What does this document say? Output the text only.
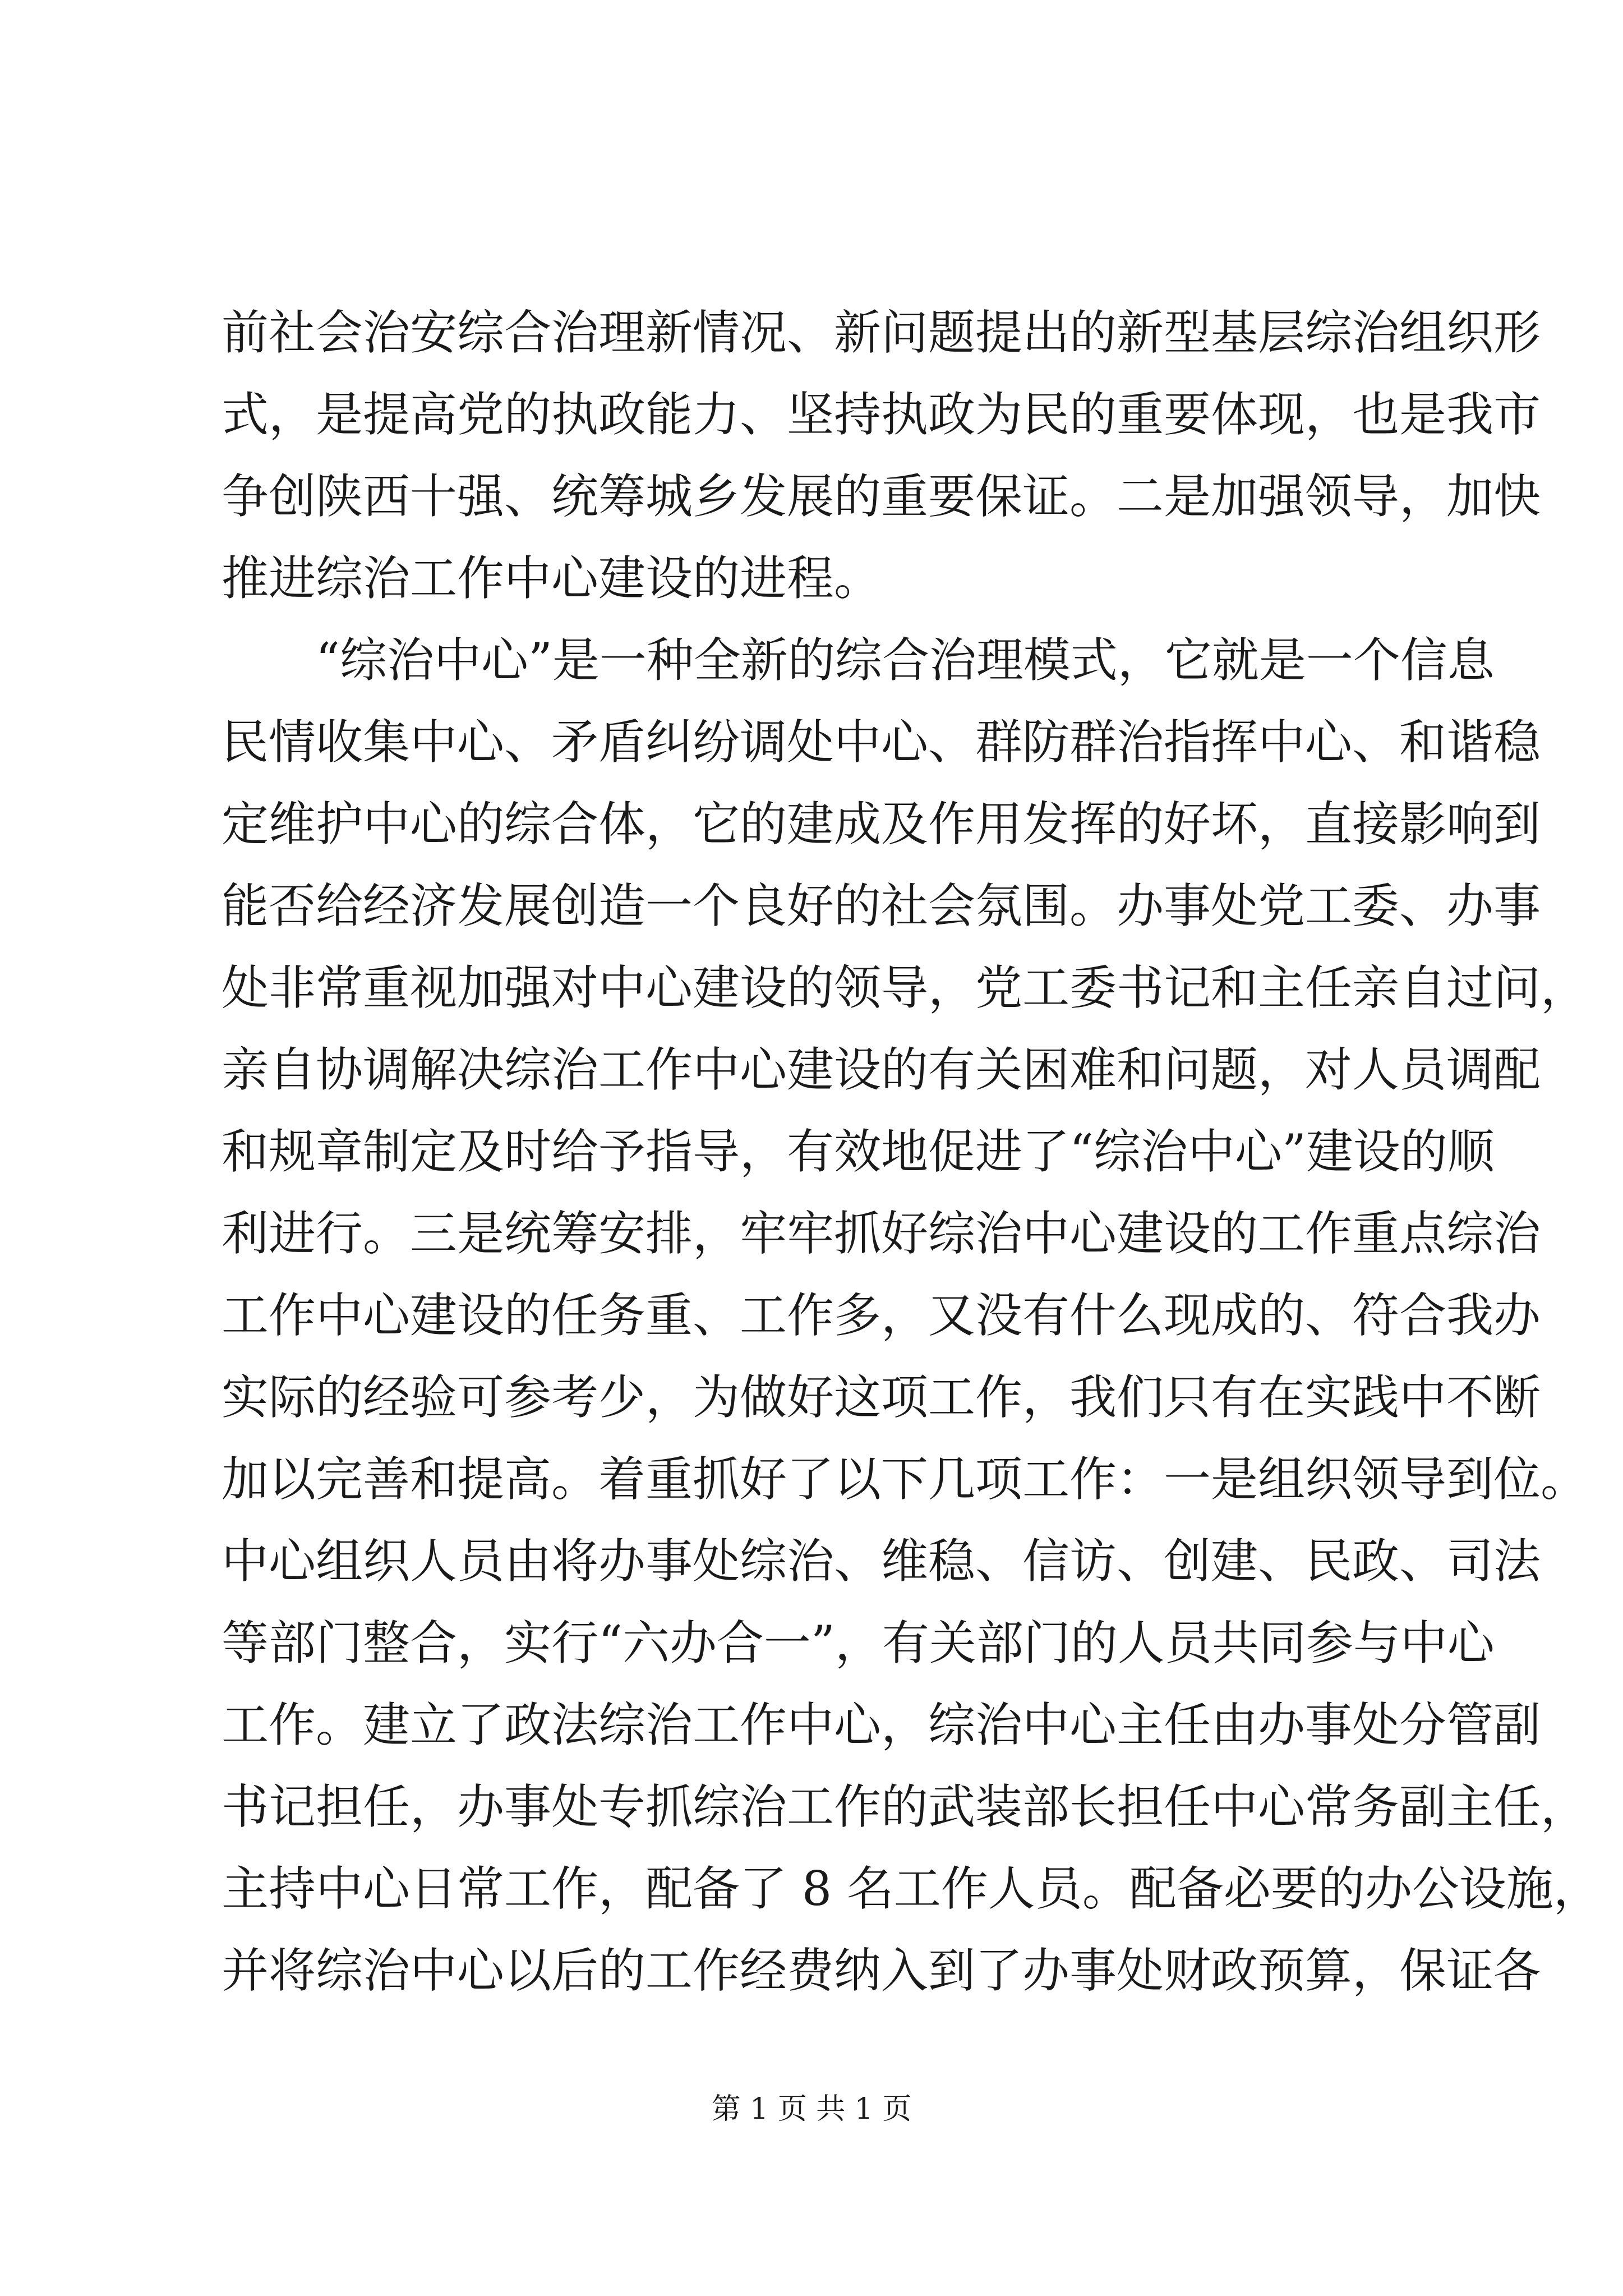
前社会治安综合治理新情况、新问题提出的新型基层综治组织形
式，是提高党的执政能力、坚持执政为民的重要体现，也是我市
争创陕西十强、统筹城乡发展的重要保证。二是加强领导，加快
推进综治工作中心建设的进程。
“综治中心”是一种全新的综合治理模式，它就是一个信息
民情收集中心、矛盾纠纷调处中心、群防群治指挥中心、和谐稳
定维护中心的综合体，它的建成及作用发挥的好坏，直接影响到
能否给经济发展创造一个良好的社会氛围。办事处党工委、办事
处非常重视加强对中心建设的领导，党工委书记和主任亲自过问，
亲自协调解决综治工作中心建设的有关困难和问题，对人员调配
和规章制定及时给予指导，有效地促进了“综治中心”建设的顺
利进行。三是统筹安排，牢牢抓好综治中心建设的工作重点综治
工作中心建设的任务重、工作多，又没有什么现成的、符合我办
实际的经验可参考少，为做好这项工作，我们只有在实践中不断
加以完善和提高。着重抓好了以下几项工作：一是组织领导到位。
中心组织人员由将办事处综治、维稳、信访、创建、民政、司法
等部门整合，实行“六办合一”，有关部门的人员共同参与中心
工作。建立了政法综治工作中心，综治中心主任由办事处分管副
书记担任，办事处专抓综治工作的武装部长担任中心常务副主任，
主持中心日常工作，配备了 8 名工作人员。配备必要的办公设施，
并将综治中心以后的工作经费纳入到了办事处财政预算，保证各
第 1 页 共 1 页
